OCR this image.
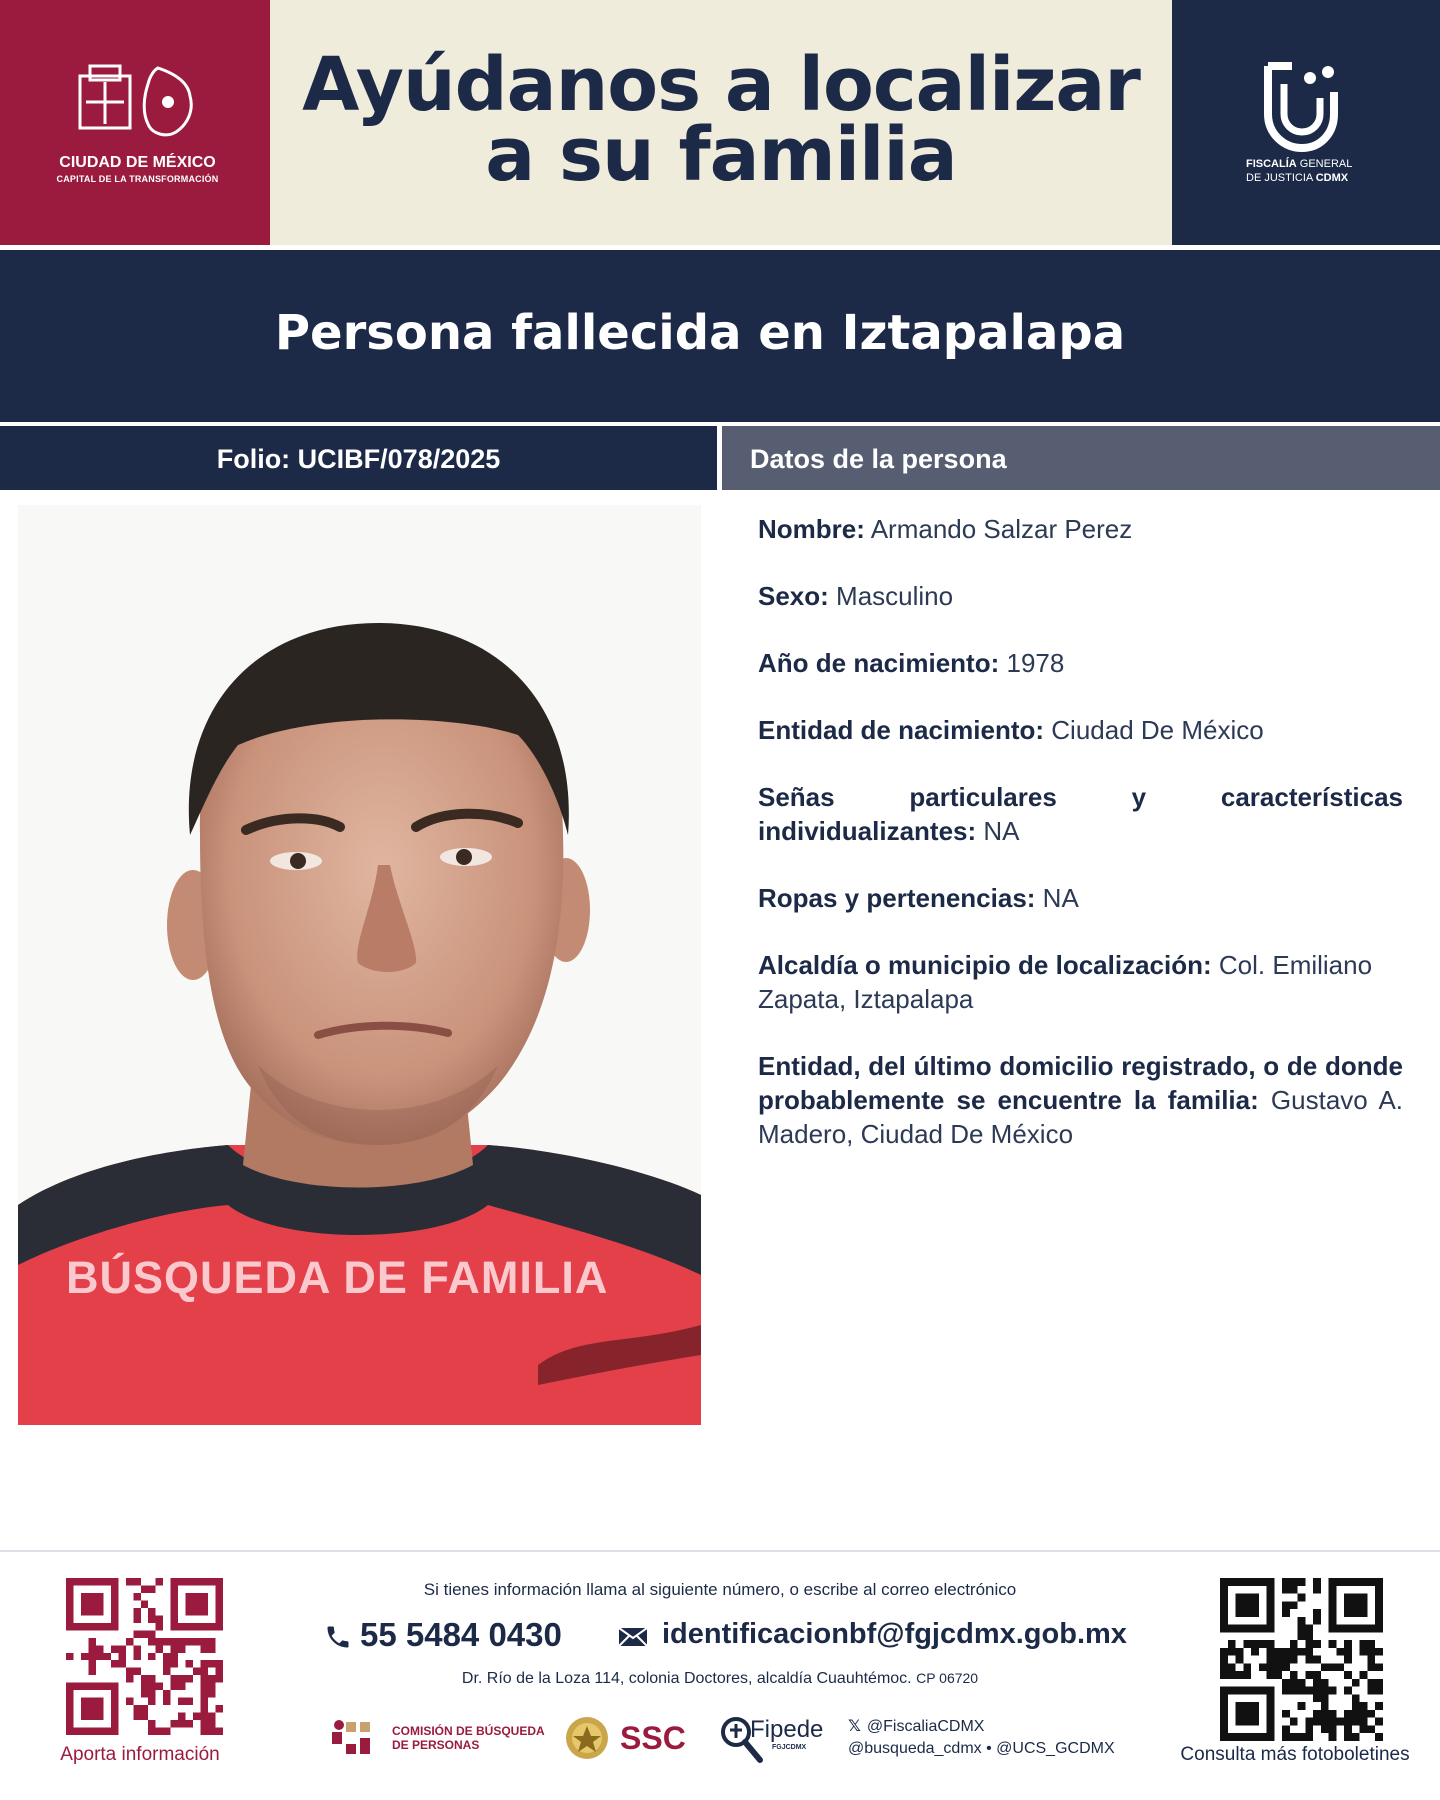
CIUDAD DE MÉXICO
CAPITAL DE LA TRANSFORMACIÓN
Ayúdanos a localizar
a su familia	FISCALÍA GENERAL
DE JUSTICIA CDMX
Persona fallecida en Iztapalapa
Folio: UCIBF/078/2025	Datos de la persona
BÚSQUEDA DE FAMILIA
Nombre: Armando Salzar Perez
Sexo: Masculino
Año de nacimiento: 1978
Entidad de nacimiento: Ciudad De México
Señas particulares y características individualizantes: NA
Ropas y pertenencias: NA
Alcaldía o municipio de localización: Col. Emiliano Zapata, Iztapalapa
Entidad, del último domicilio registrado, o de donde probablemente se encuentre la familia: Gustavo A. Madero, Ciudad De México
Aporta información
Si tienes información llama al siguiente número, o escribe al correo electrónico
55 5484 0430	identificacionbf@fgjcdmx.gob.mx
Dr. Río de la Loza 114, colonia Doctores, alcaldía Cuauhtémoc. CP 06720
COMISIÓN DE BÚSQUEDA
DE PERSONAS	SSC	Fipede
FGJCDMX
𝕏 @FiscaliaCDMX
@busqueda_cdmx • @UCS_GCDMX	Consulta más fotoboletines
